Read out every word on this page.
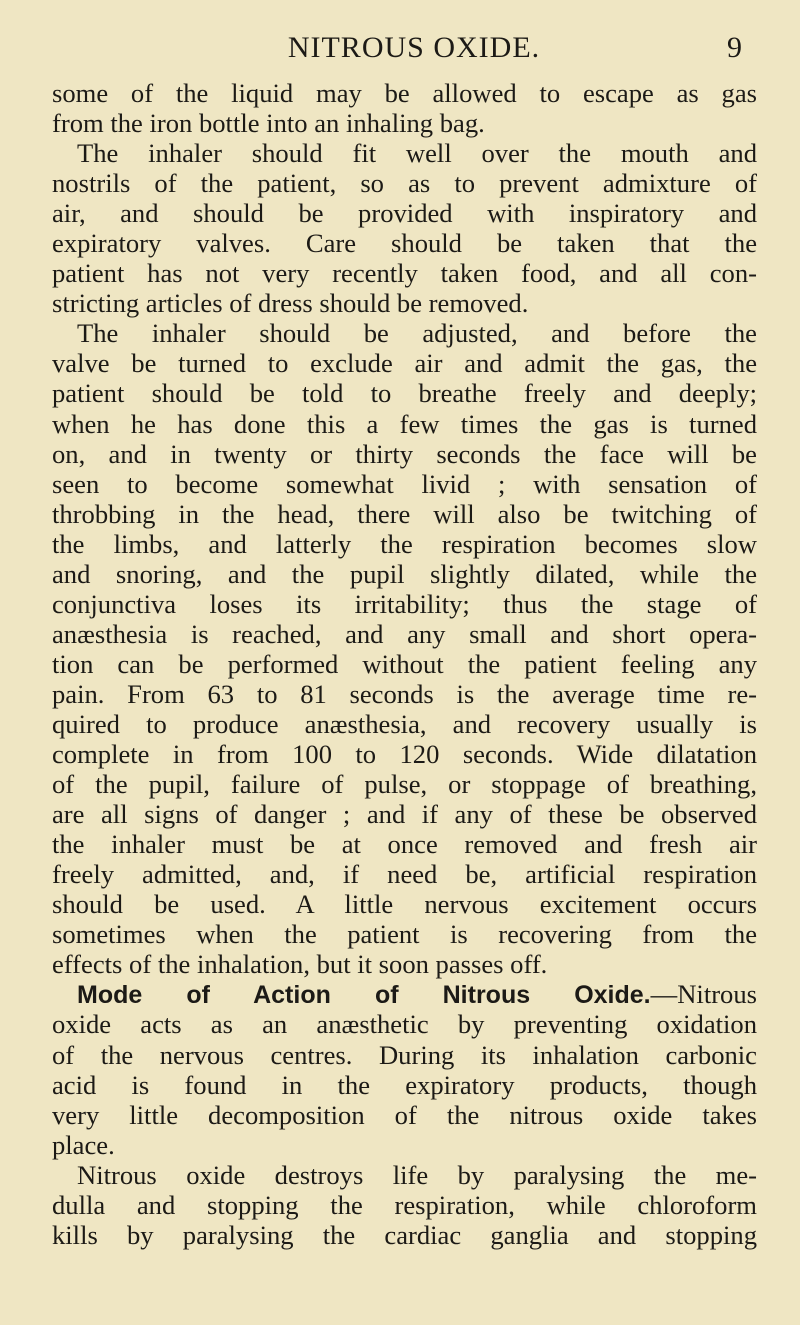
NITROUS OXIDE.	9
some of the liquid may be allowed to escape as gas
from the iron bottle into an inhaling bag.
The inhaler should fit well over the mouth and
nostrils of the patient, so as to prevent admixture of
air, and should be provided with inspiratory and
expiratory valves. Care should be taken that the
patient has not very recently taken food, and all con-
stricting articles of dress should be removed.
The inhaler should be adjusted, and before the
valve be turned to exclude air and admit the gas, the
patient should be told to breathe freely and deeply;
when he has done this a few times the gas is turned
on, and in twenty or thirty seconds the face will be
seen to become somewhat livid ; with sensation of
throbbing in the head, there will also be twitching of
the limbs, and latterly the respiration becomes slow
and snoring, and the pupil slightly dilated, while the
conjunctiva loses its irritability; thus the stage of
anæsthesia is reached, and any small and short opera-
tion can be performed without the patient feeling any
pain. From 63 to 81 seconds is the average time re-
quired to produce anæsthesia, and recovery usually is
complete in from 100 to 120 seconds. Wide dilatation
of the pupil, failure of pulse, or stoppage of breathing,
are all signs of danger ; and if any of these be observed
the inhaler must be at once removed and fresh air
freely admitted, and, if need be, artificial respiration
should be used. A little nervous excitement occurs
sometimes when the patient is recovering from the
effects of the inhalation, but it soon passes off.
Mode of Action of Nitrous Oxide.—Nitrous
oxide acts as an anæsthetic by preventing oxidation
of the nervous centres. During its inhalation carbonic
acid is found in the expiratory products, though
very little decomposition of the nitrous oxide takes
place.
Nitrous oxide destroys life by paralysing the me-
dulla and stopping the respiration, while chloroform
kills by paralysing the cardiac ganglia and stopping
